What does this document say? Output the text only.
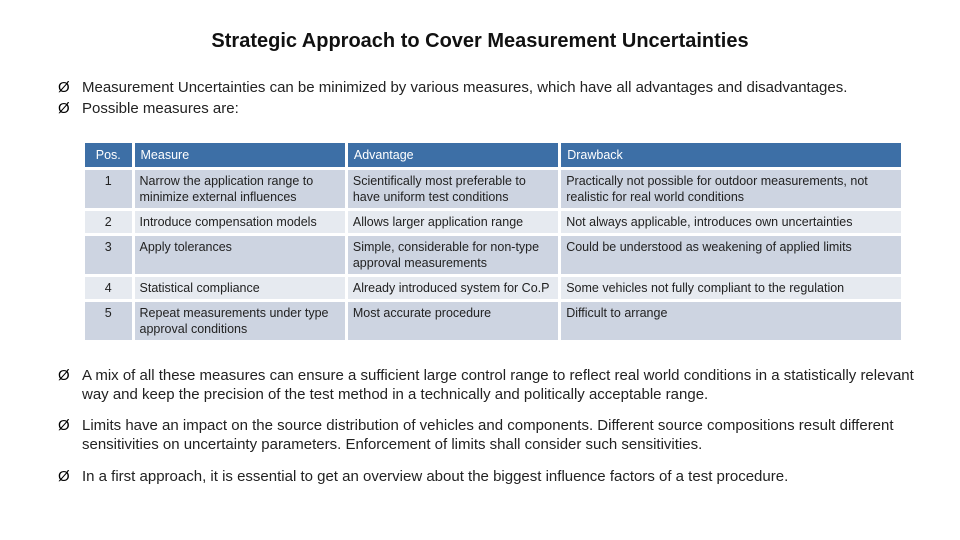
Strategic Approach to Cover Measurement Uncertainties
Ø Measurement Uncertainties can be minimized by various measures, which have all advantages and disadvantages.
Ø Possible measures are:
Pos.	Measure	Advantage	Drawback
1	Narrow the application range to minimize external influences	Scientifically most preferable to have uniform test conditions	Practically not possible for outdoor measurements, not realistic for real world conditions
2	Introduce compensation models	Allows larger application range	Not always applicable, introduces own uncertainties
3	Apply tolerances	Simple, considerable for non-type approval measurements	Could be understood as weakening of applied limits
4	Statistical compliance	Already introduced system for Co.P	Some vehicles not fully compliant to the regulation
5	Repeat measurements under type approval conditions	Most accurate procedure	Difficult to arrange
Ø A mix of all these measures can ensure a sufficient large control range to reflect real world conditions in a statistically relevant way and keep the precision of the test method in a technically and politically acceptable range.
Ø Limits have an impact on the source distribution of vehicles and components. Different source compositions result different sensitivities on uncertainty parameters. Enforcement of limits shall consider such sensitivities.
Ø In a first approach, it is essential to get an overview about the biggest influence factors of a test procedure.
